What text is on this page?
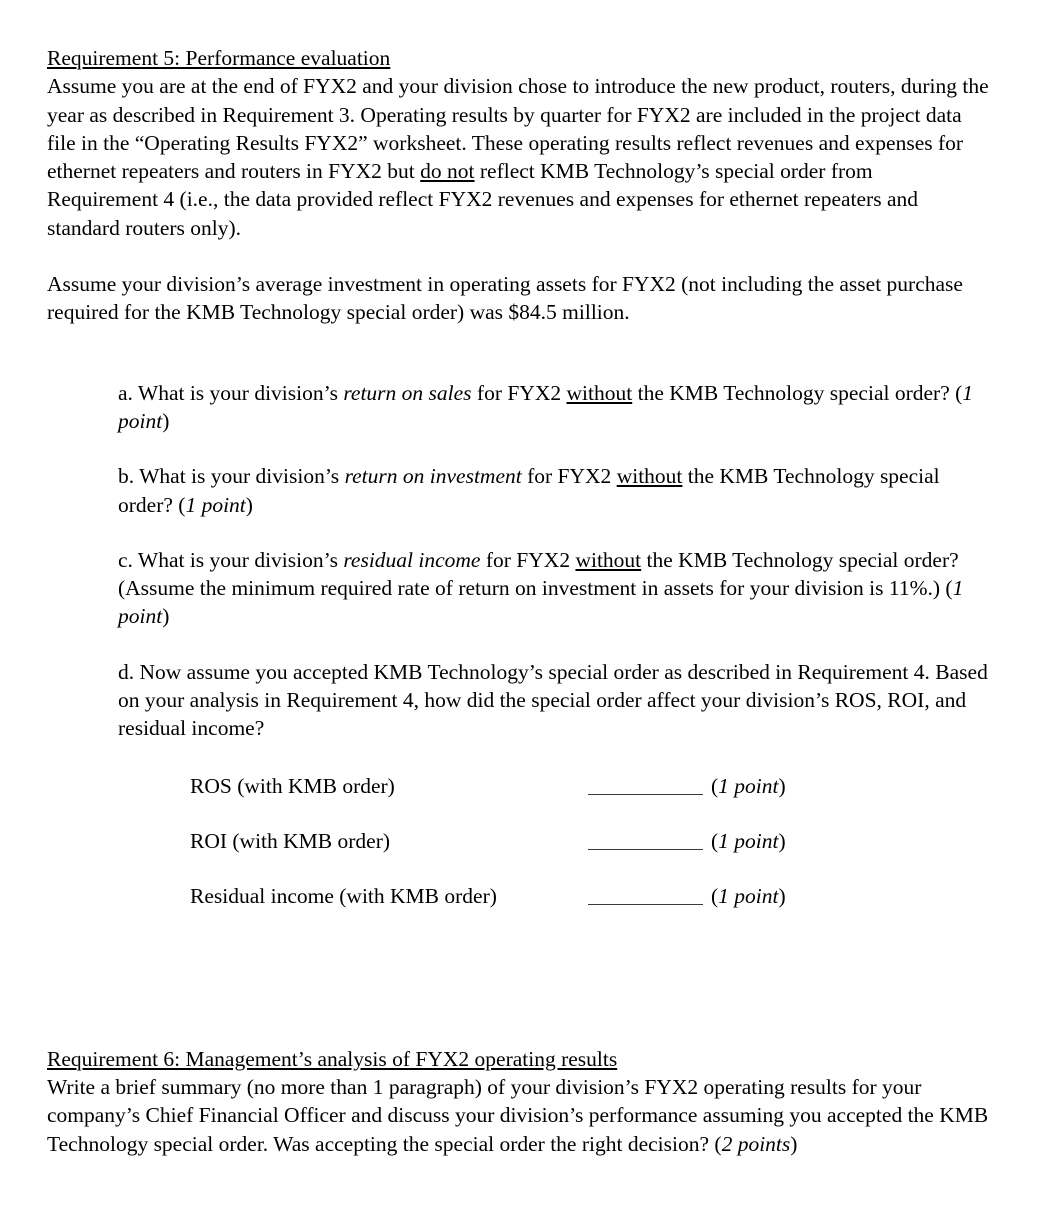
Requirement 5: Performance evaluation
Assume you are at the end of FYX2 and your division chose to introduce the new product, routers, during the year as described in Requirement 3. Operating results by quarter for FYX2 are included in the project data file in the “Operating Results FYX2” worksheet. These operating results reflect revenues and expenses for ethernet repeaters and routers in FYX2 but do not reflect KMB Technology’s special order from Requirement 4 (i.e., the data provided reflect FYX2 revenues and expenses for ethernet repeaters and standard routers only).
Assume your division’s average investment in operating assets for FYX2 (not including the asset purchase required for the KMB Technology special order) was $84.5 million.
a. What is your division’s return on sales for FYX2 without the KMB Technology special order? (1 point)
b. What is your division’s return on investment for FYX2 without the KMB Technology special order? (1 point)
c. What is your division’s residual income for FYX2 without the KMB Technology special order? (Assume the minimum required rate of return on investment in assets for your division is 11%.) (1 point)
d. Now assume you accepted KMB Technology’s special order as described in Requirement 4. Based on your analysis in Requirement 4, how did the special order affect your division’s ROS, ROI, and residual income?
ROS (with KMB order)	(1 point)
ROI (with KMB order)	(1 point)
Residual income (with KMB order)	(1 point)
Requirement 6: Management’s analysis of FYX2 operating results
Write a brief summary (no more than 1 paragraph) of your division’s FYX2 operating results for your company’s Chief Financial Officer and discuss your division’s performance assuming you accepted the KMB Technology special order. Was accepting the special order the right decision? (2 points)
